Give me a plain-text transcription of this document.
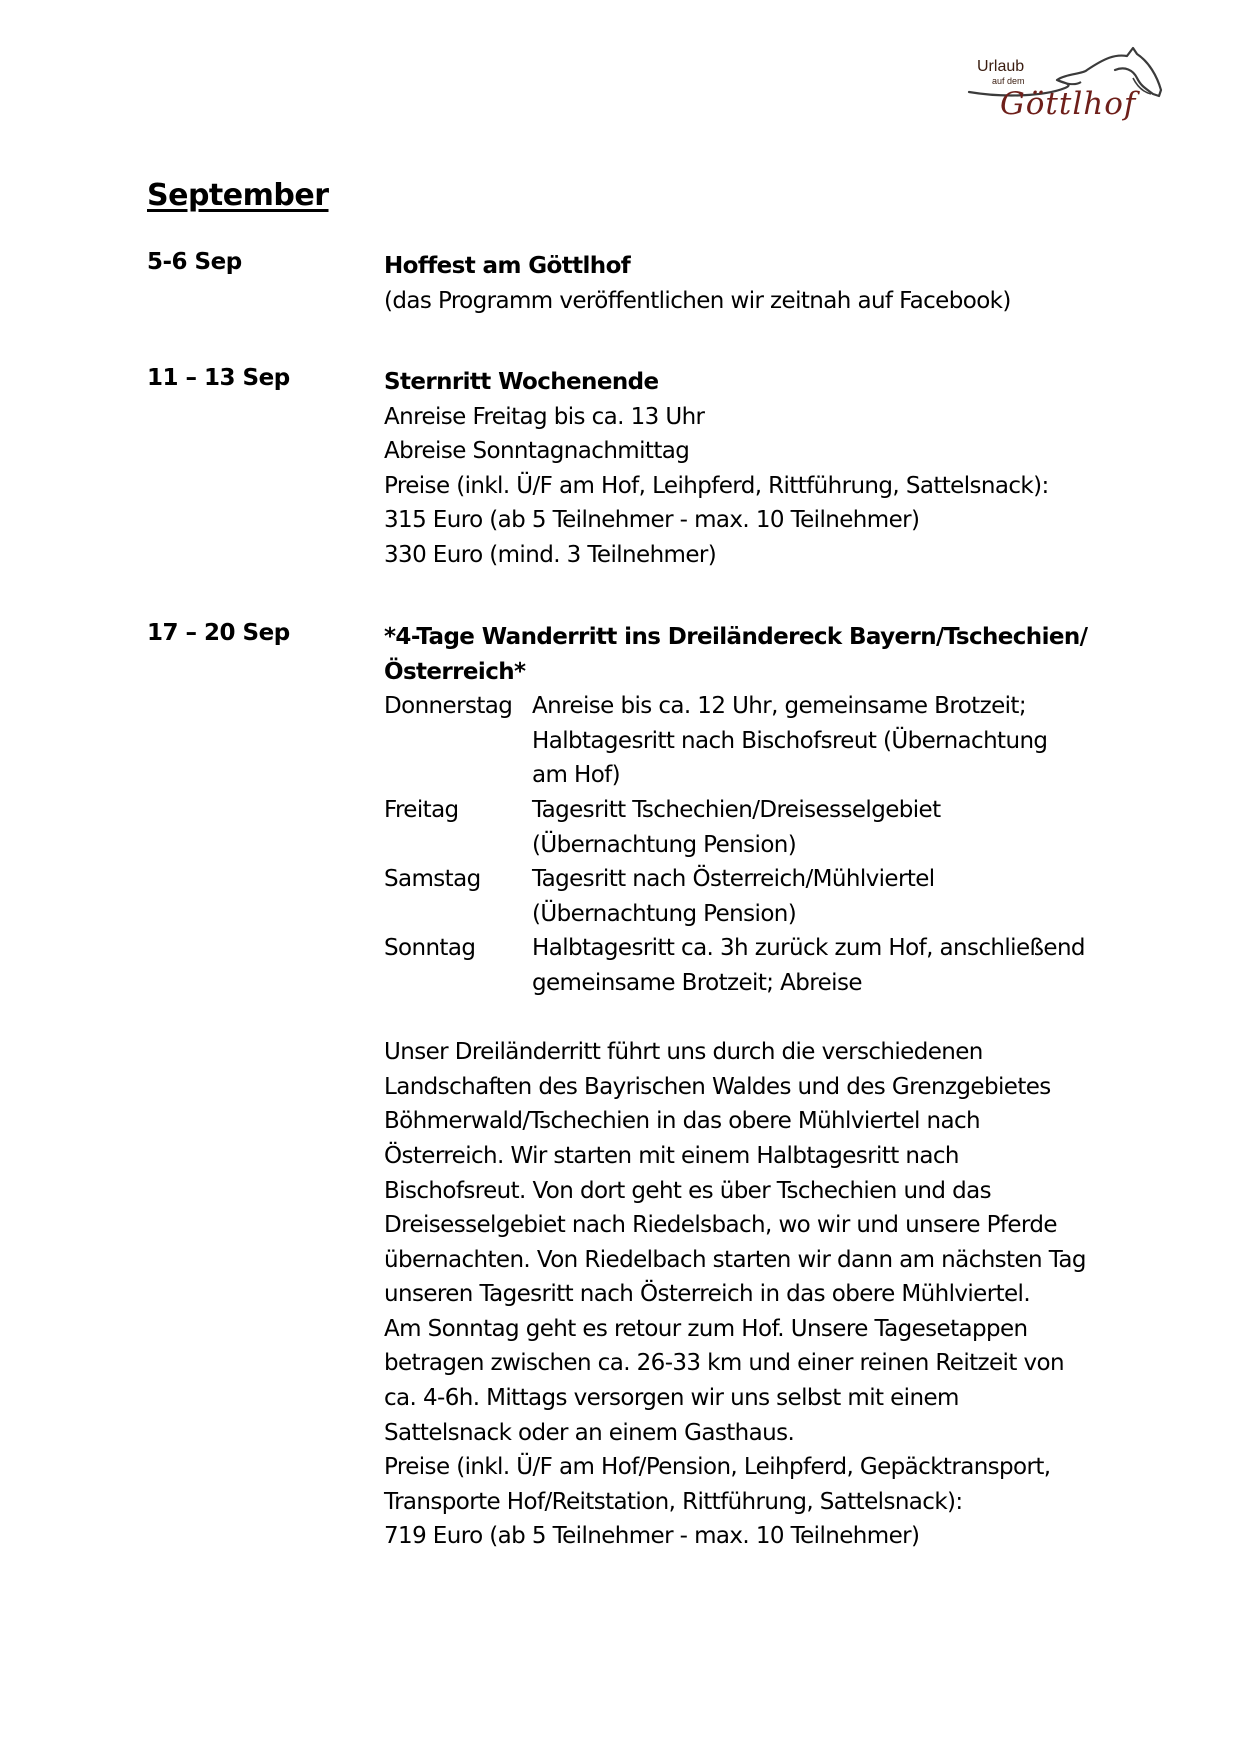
Urlaub
auf dem
Göttlhof
September
5-6 Sep	Hoffest am Göttlhof
(das Programm veröffentlichen wir zeitnah auf Facebook)
11 – 13 Sep	Sternritt Wochenende
Anreise Freitag bis ca. 13 Uhr
Abreise Sonntagnachmittag
Preise (inkl. Ü/F am Hof, Leihpferd, Rittführung, Sattelsnack):
315 Euro (ab 5 Teilnehmer - max. 10 Teilnehmer)
330 Euro (mind. 3 Teilnehmer)
17 – 20 Sep	*4-Tage Wanderritt ins Dreiländereck Bayern/Tschechien/
Österreich*
Donnerstag Anreise bis ca. 12 Uhr, gemeinsame Brotzeit;
Halbtagesritt nach Bischofsreut (Übernachtung
am Hof)
Freitag	Tagesritt Tschechien/Dreisesselgebiet
(Übernachtung Pension)
Samstag	Tagesritt nach Österreich/Mühlviertel
(Übernachtung Pension)
Sonntag	Halbtagesritt ca. 3h zurück zum Hof, anschließend
gemeinsame Brotzeit; Abreise
Unser Dreiländerritt führt uns durch die verschiedenen
Landschaften des Bayrischen Waldes und des Grenzgebietes
Böhmerwald/Tschechien in das obere Mühlviertel nach
Österreich. Wir starten mit einem Halbtagesritt nach
Bischofsreut. Von dort geht es über Tschechien und das
Dreisesselgebiet nach Riedelsbach, wo wir und unsere Pferde
übernachten. Von Riedelbach starten wir dann am nächsten Tag
unseren Tagesritt nach Österreich in das obere Mühlviertel.
Am Sonntag geht es retour zum Hof. Unsere Tagesetappen
betragen zwischen ca. 26-33 km und einer reinen Reitzeit von
ca. 4-6h. Mittags versorgen wir uns selbst mit einem
Sattelsnack oder an einem Gasthaus.
Preise (inkl. Ü/F am Hof/Pension, Leihpferd, Gepäcktransport,
Transporte Hof/Reitstation, Rittführung, Sattelsnack):
719 Euro (ab 5 Teilnehmer - max. 10 Teilnehmer)
